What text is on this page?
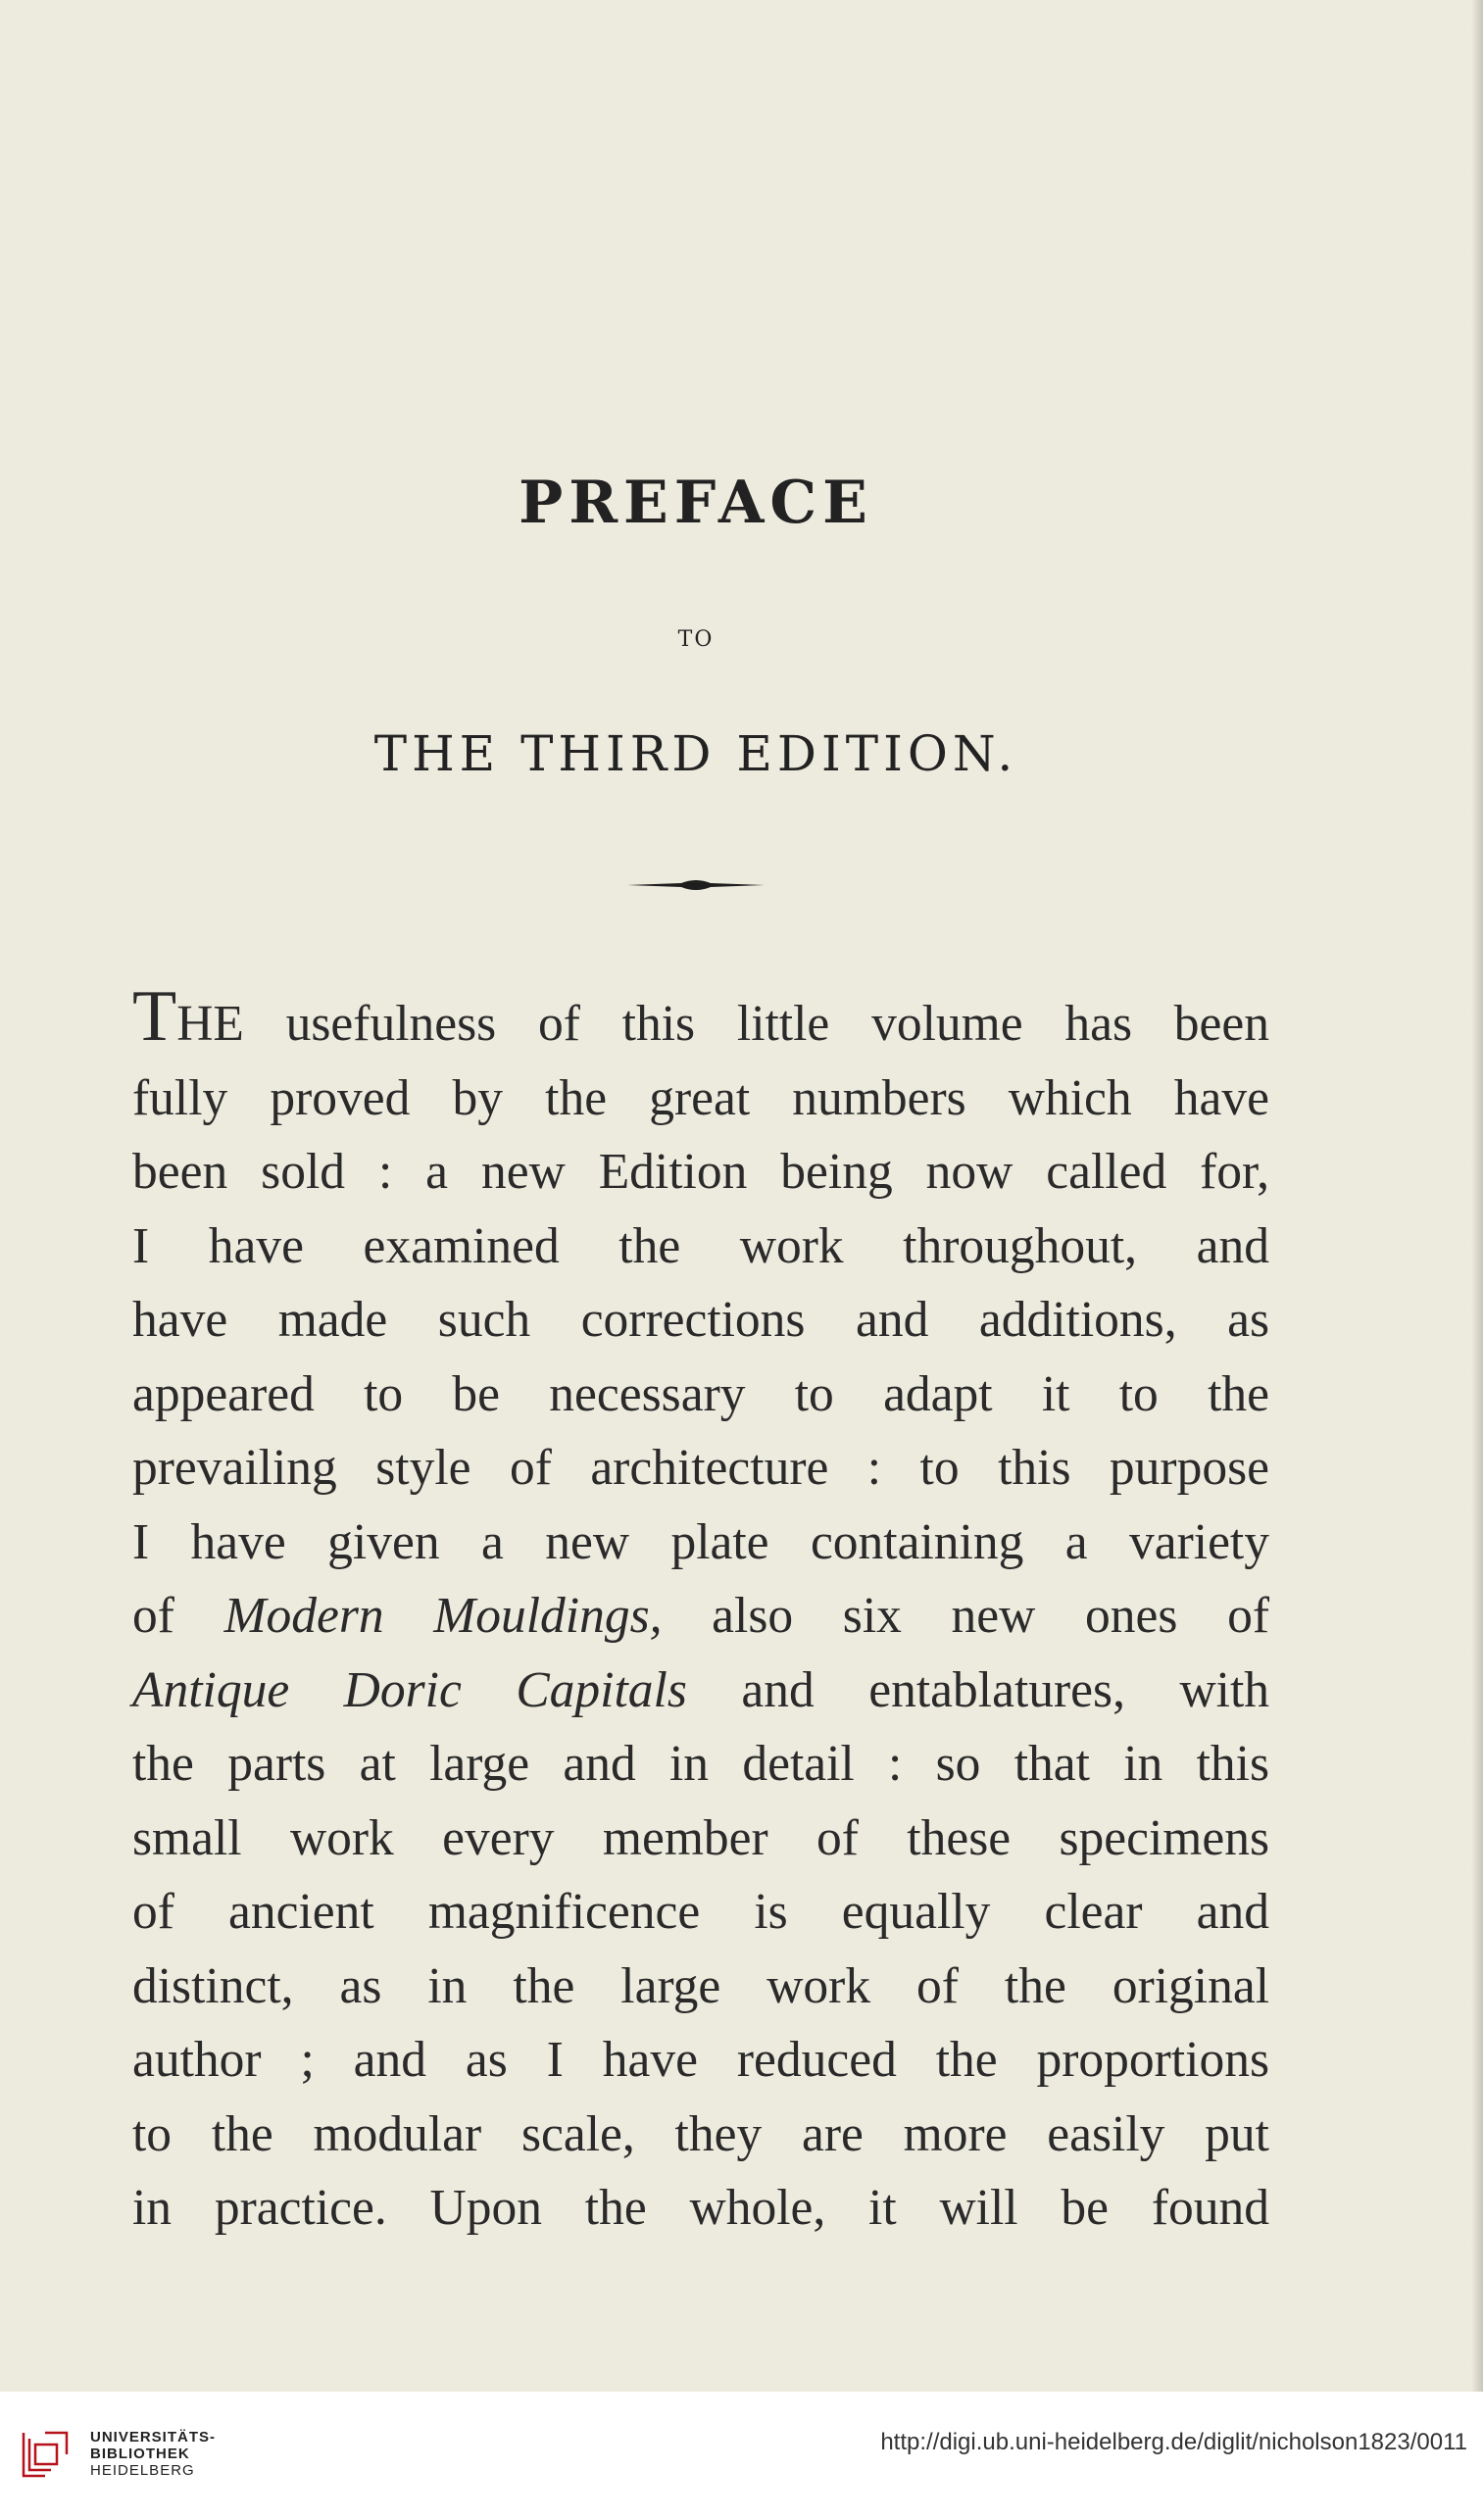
PREFACE
TO
THE THIRD EDITION.
THE usefulness of this little volume has been
fully proved by the great numbers which have
been sold : a new Edition being now called for,
I have examined the work throughout, and
have made such corrections and additions, as
appeared to be necessary to adapt it to the
prevailing style of architecture : to this purpose
I have given a new plate containing a variety
of Modern Mouldings, also six new ones of
Antique Doric Capitals and entablatures, with
the parts at large and in detail : so that in this
small work every member of these specimens
of ancient magnificence is equally clear and
distinct, as in the large work of the original
author ; and as I have reduced the proportions
to the modular scale, they are more easily put
in practice. Upon the whole, it will be found
UNIVERSITÄTS-
BIBLIOTHEK
HEIDELBERG
http://digi.ub.uni-heidelberg.de/diglit/nicholson1823/0011
